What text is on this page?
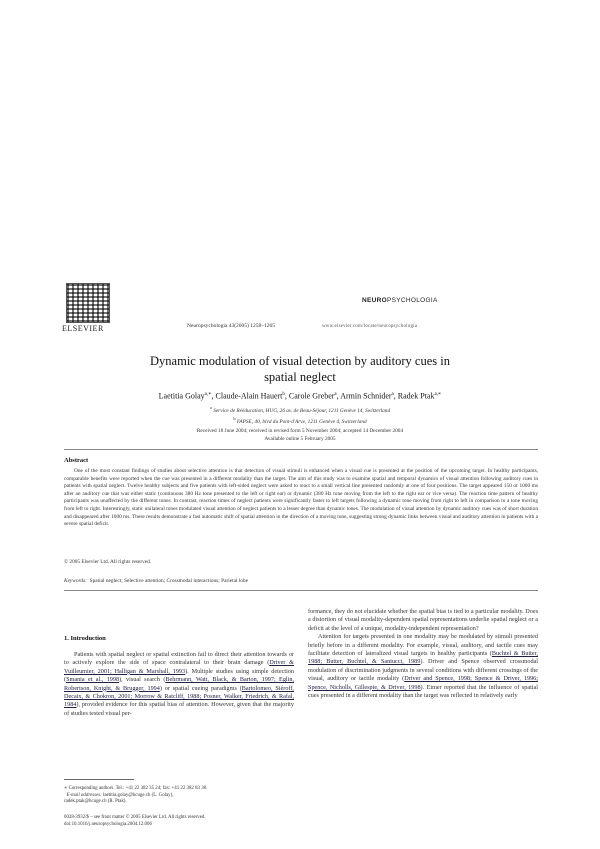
ELSEVIER	Neuropsychologia 43(2005) 1258–1265
NEUROPSYCHOLOGIA
www.elsevier.com/locate/neuropsychologia
Dynamic modulation of visual detection by auditory cues in
spatial neglect
Laetitia Golay$^{a,∗}$, Claude-Alain Hauert$^b$, Carole Greber$^a$, Armin Schnider$^a$, Radek Ptak$^{a,∗}$
$^a$ Service de Rééducation, HUG, 26 av. de Beau-Séjour, 1211 Genève 14, Switzerland
$^b$ FAPSE, 40, blvd du Pont-d'Arve, 1211 Genève 4, Switzerland
Received 18 June 2004; received in revised form 5 November 2004; accepted 14 December 2004
Available online 5 February 2005
Abstract

One of the most constant findings of studies about selective attention is that detection of visual stimuli is enhanced when a visual cue is presented at the position of the upcoming target. In healthy participants, comparable benefits were reported when the cue was presented in a different modality than the target. The aim of this study was to examine spatial and temporal dynamics of visual attention following auditory cues in patients with spatial neglect. Twelve healthy subjects and five patients with left-sided neglect were asked to react to a small vertical line presented randomly at one of four positions. The target appeared 150 or 1000 ms after an auditory cue that was either static (continuous 380 Hz tone presented to the left or right ear) or dynamic (380 Hz tone moving from the left to the right ear or vice versa). The reaction time pattern of healthy participants was unaffected by the different tones. In contrast, reaction times of neglect patients were significantly faster to left targets following a dynamic tone moving from right to left in comparison to a tone moving from left to right. Interestingly, static unilateral tones modulated visual attention of neglect patients to a lesser degree than dynamic tones. The modulation of visual attention by dynamic auditory cues was of short duration and disappeared after 1000 ms. These results demonstrate a fast automatic shift of spatial attention in the direction of a moving tone, suggesting strong dynamic links between visual and auditory attention in patients with a severe spatial deficit.

© 2005 Elsevier Ltd. All rights reserved.
Keywords: Spatial neglect; Selective attention; Crossmodal interactions; Parietal lobe
1. Introduction

Patients with spatial neglect or spatial extinction fail to direct their attention towards or to actively explore the side of space contralateral to their brain damage (Driver & Vuilleumier, 2001; Halligan & Marshall, 1993). Multiple studies using simple detection (Smania et al., 1998), visual search (Behrmann, Watt, Black, & Barton, 1997; Eglin, Robertson, Knight, & Brugger, 1994) or spatial cueing paradigms (Bartolomeo, Siéroff, Decaix, & Chokron, 2001; Morrow & Ratcliff, 1988; Posner, Walker, Friedrich, & Rafal, 1984), provided evidence for this spatial bias of attention. However, given that the majority of studies tested visual per-

formance, they do not elucidate whether the spatial bias is tied to a particular modality. Does a distortion of visual modality-dependent spatial representations underlie spatial neglect or a deficit at the level of a unique, modality-independent representation?

Attention for targets presented in one modality may be modulated by stimuli presented briefly before in a different modality. For example, visual, auditory, and tactile cues may facilitate detection of lateralized visual targets in healthy participants (Buchtel & Butter, 1988; Butter, Buchtel, & Santucci, 1989). Driver and Spence observed crossmodal modulation of discrimination judgments in several conditions with different crossings of the visual, auditory or tactile modality (Driver and Spence, 1998; Spence & Driver, 1996; Spence, Nicholls, Gillespie, & Driver, 1998). Eimer reported that the influence of spatial cues presented in a different modality than the target was reflected in relatively early

∗ Corresponding authors. Tel.: +41 22 382 35 24; fax: +41 22 382 83 38.
E-mail addresses: laetitia.golay@hcuge.ch (L. Golay),
radek.ptak@hcuge.ch (R. Ptak).
0028-3932/$ – see front matter © 2005 Elsevier Ltd. All rights reserved.
doi:10.1016/j.neuropsychologia.2004.12.006
